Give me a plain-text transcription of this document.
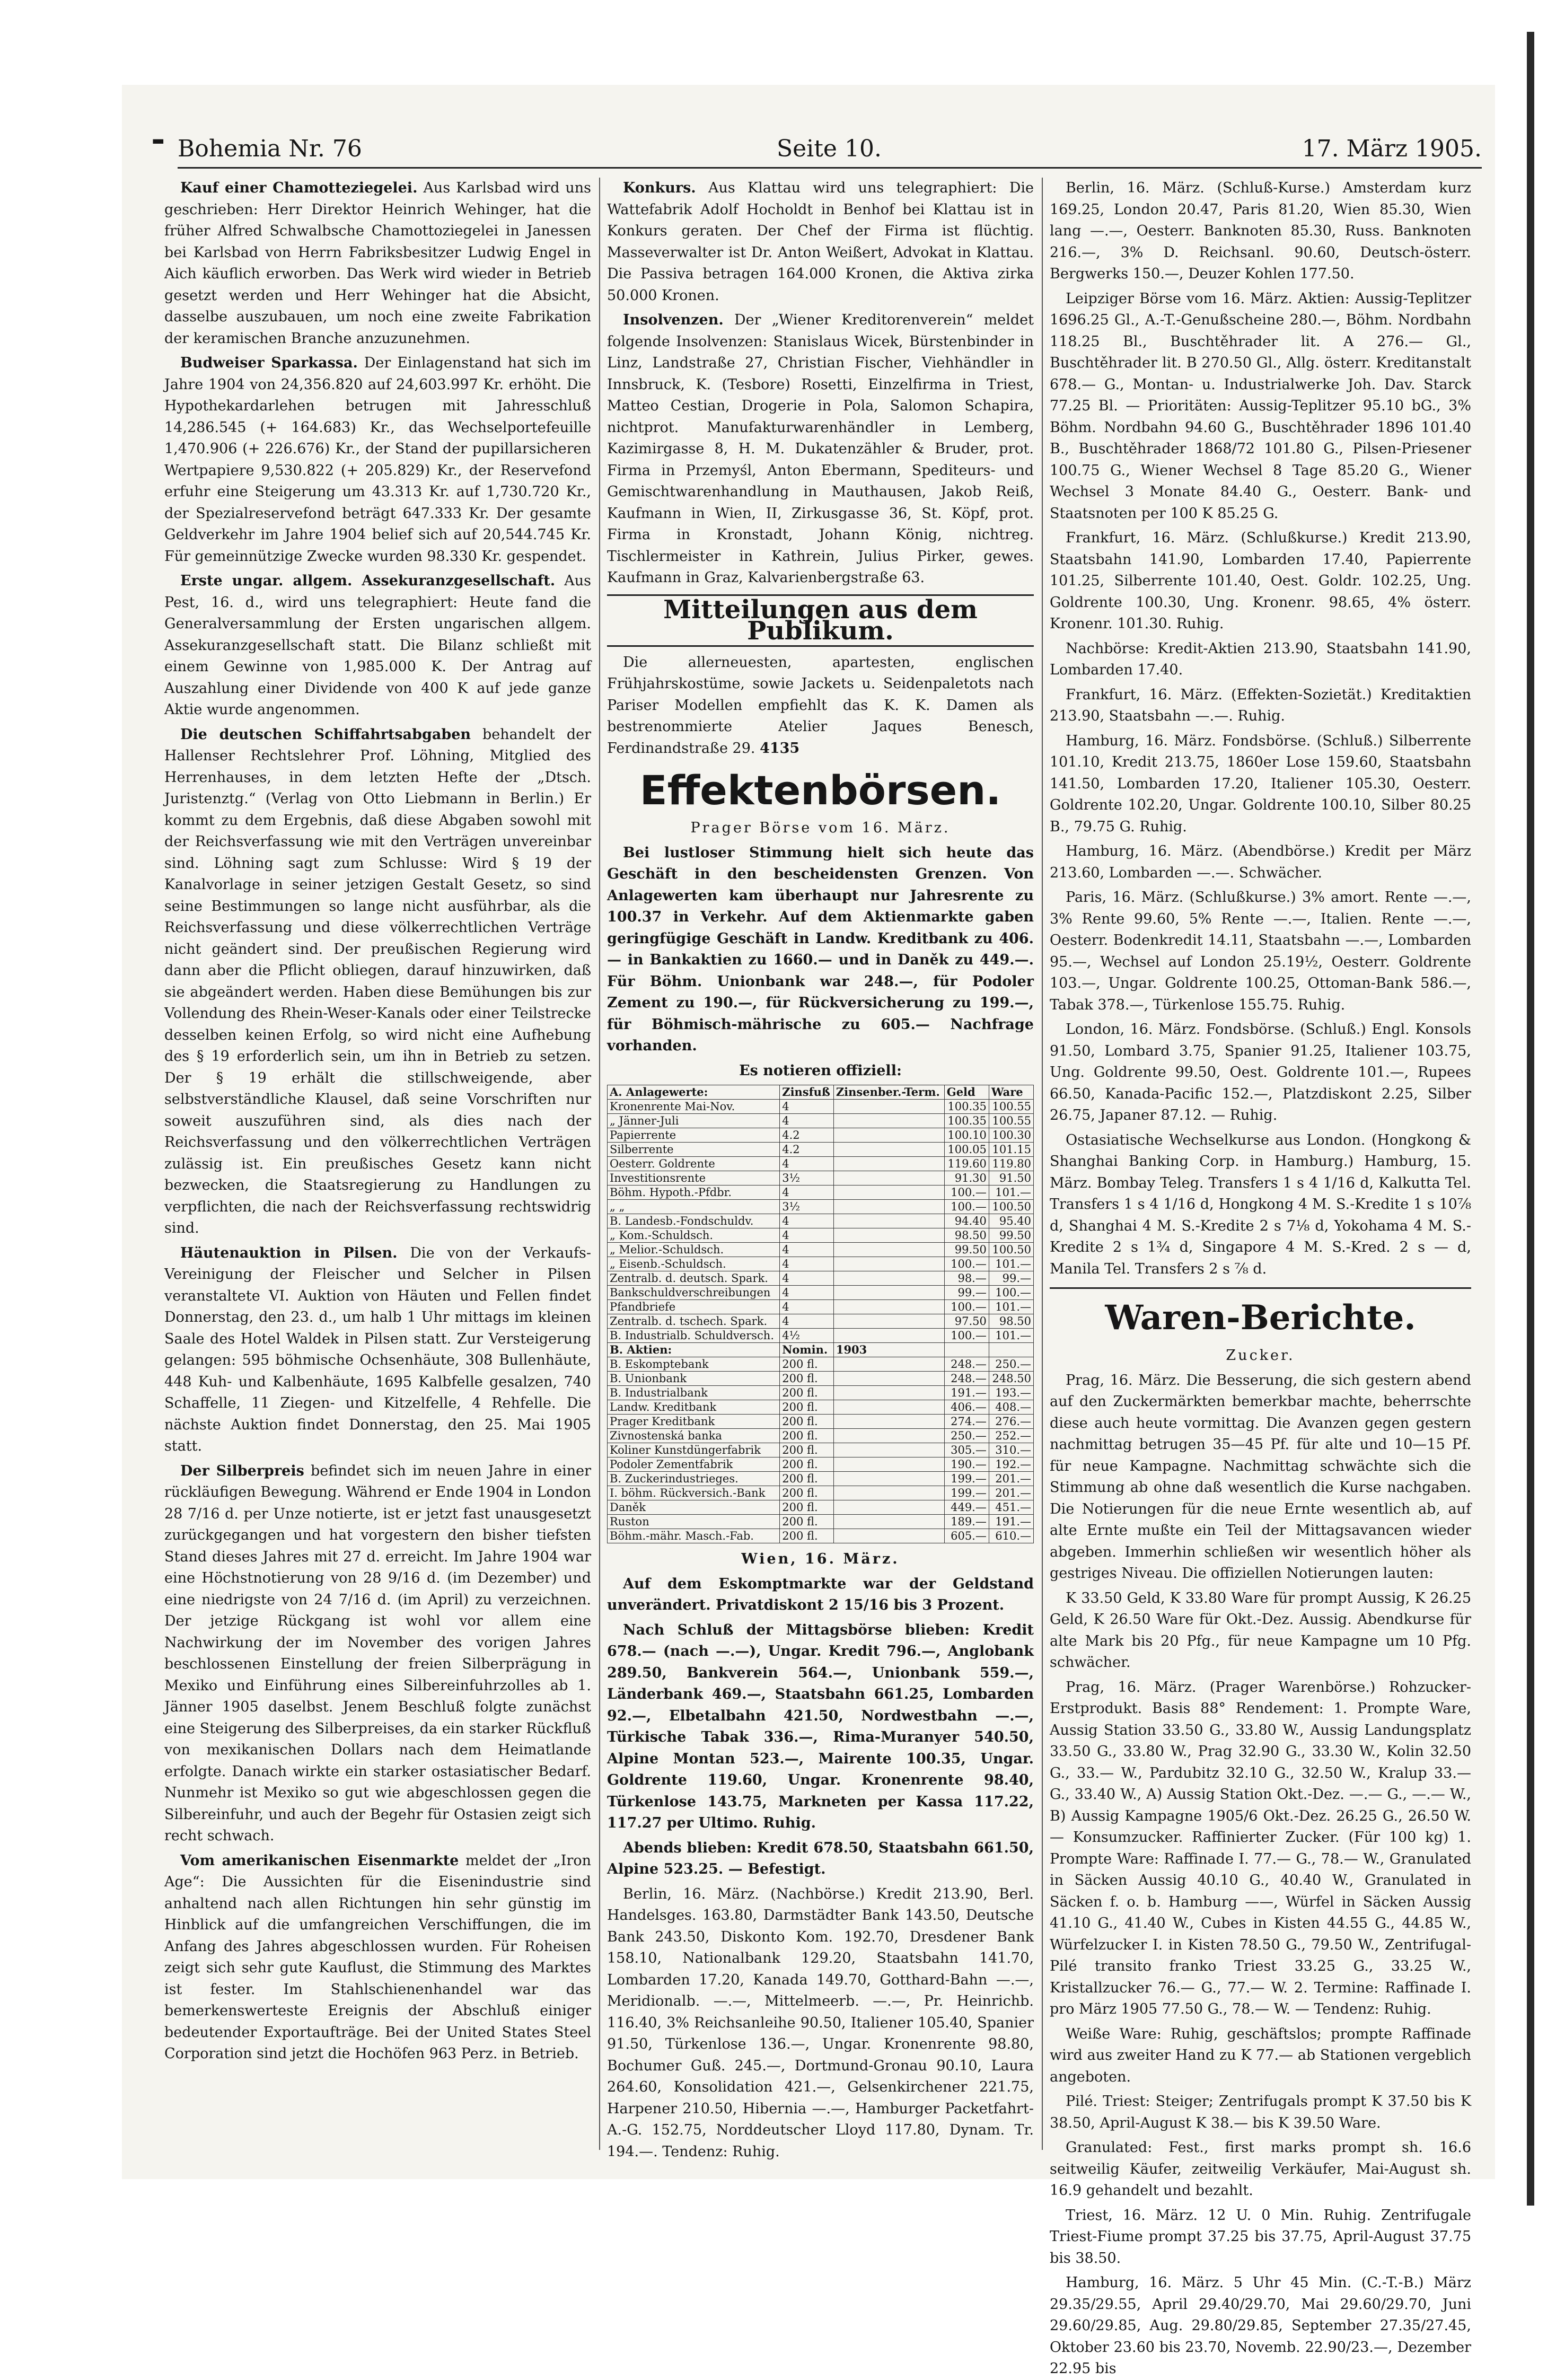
- Bohemia Nr. 76	Seite 10.	17. März 1905.

Kauf einer Chamotteziegelei. Aus Karlsbad wird uns geschrieben: Herr Direktor Heinrich Wehinger, hat die früher Alfred Schwalbsche Chamottoziegelei in Janessen bei Karlsbad von Herrn Fabriksbesitzer Ludwig Engel in Aich käuflich erworben. Das Werk wird wieder in Betrieb gesetzt werden und Herr Wehinger hat die Absicht, dasselbe auszubauen, um noch eine zweite Fabrikation der keramischen Branche anzuzunehmen.

Budweiser Sparkassa. Der Einlagenstand hat sich im Jahre 1904 von 24,356.820 auf 24,603.997 Kr. erhöht. Die Hypothekardarlehen betrugen mit Jahresschluß 14,286.545 (+ 164.683) Kr., das Wechselportefeuille 1,470.906 (+ 226.676) Kr., der Stand der pupillarsicheren Wertpapiere 9,530.822 (+ 205.829) Kr., der Reservefond erfuhr eine Steigerung um 43.313 Kr. auf 1,730.720 Kr., der Spezialreservefond beträgt 647.333 Kr. Der gesamte Geldverkehr im Jahre 1904 belief sich auf 20,544.745 Kr. Für gemeinnützige Zwecke wurden 98.330 Kr. gespendet.

Erste ungar. allgem. Assekuranzgesellschaft. Aus Pest, 16. d., wird uns telegraphiert: Heute fand die Generalversammlung der Ersten ungarischen allgem. Assekuranzgesellschaft statt. Die Bilanz schließt mit einem Gewinne von 1,985.000 K. Der Antrag auf Auszahlung einer Dividende von 400 K auf jede ganze Aktie wurde angenommen.

Die deutschen Schiffahrtsabgaben behandelt der Hallenser Rechtslehrer Prof. Löhning, Mitglied des Herrenhauses, in dem letzten Hefte der „Dtsch. Juristenztg.“ (Verlag von Otto Liebmann in Berlin.) Er kommt zu dem Ergebnis, daß diese Abgaben sowohl mit der Reichsverfassung wie mit den Verträgen unvereinbar sind. Löhning sagt zum Schlusse: Wird § 19 der Kanalvorlage in seiner jetzigen Gestalt Gesetz, so sind seine Bestimmungen so lange nicht ausführbar, als die Reichsverfassung und diese völkerrechtlichen Verträge nicht geändert sind. Der preußischen Regierung wird dann aber die Pflicht obliegen, darauf hinzuwirken, daß sie abgeändert werden. Haben diese Bemühungen bis zur Vollendung des Rhein-Weser-Kanals oder einer Teilstrecke desselben keinen Erfolg, so wird nicht eine Aufhebung des § 19 erforderlich sein, um ihn in Betrieb zu setzen. Der § 19 erhält die stillschweigende, aber selbstverständliche Klausel, daß seine Vorschriften nur soweit auszuführen sind, als dies nach der Reichsverfassung und den völkerrechtlichen Verträgen zulässig ist. Ein preußisches Gesetz kann nicht bezwecken, die Staatsregierung zu Handlungen zu verpflichten, die nach der Reichsverfassung rechtswidrig sind.

Häutenauktion in Pilsen. Die von der Verkaufs-Vereinigung der Fleischer und Selcher in Pilsen veranstaltete VI. Auktion von Häuten und Fellen findet Donnerstag, den 23. d., um halb 1 Uhr mittags im kleinen Saale des Hotel Waldek in Pilsen statt. Zur Versteigerung gelangen: 595 böhmische Ochsenhäute, 308 Bullenhäute, 448 Kuh- und Kalbenhäute, 1695 Kalbfelle gesalzen, 740 Schaffelle, 11 Ziegen- und Kitzelfelle, 4 Rehfelle. Die nächste Auktion findet Donnerstag, den 25. Mai 1905 statt.

Der Silberpreis befindet sich im neuen Jahre in einer rückläufigen Bewegung. Während er Ende 1904 in London 28 7/16 d. per Unze notierte, ist er jetzt fast unausgesetzt zurückgegangen und hat vorgestern den bisher tiefsten Stand dieses Jahres mit 27 d. erreicht. Im Jahre 1904 war eine Höchstnotierung von 28 9/16 d. (im Dezember) und eine niedrigste von 24 7/16 d. (im April) zu verzeichnen. Der jetzige Rückgang ist wohl vor allem eine Nachwirkung der im November des vorigen Jahres beschlossenen Einstellung der freien Silberprägung in Mexiko und Einführung eines Silbereinfuhrzolles ab 1. Jänner 1905 daselbst. Jenem Beschluß folgte zunächst eine Steigerung des Silberpreises, da ein starker Rückfluß von mexikanischen Dollars nach dem Heimatlande erfolgte. Danach wirkte ein starker ostasiatischer Bedarf. Nunmehr ist Mexiko so gut wie abgeschlossen gegen die Silbereinfuhr, und auch der Begehr für Ostasien zeigt sich recht schwach.

Vom amerikanischen Eisenmarkte meldet der „Iron Age“: Die Aussichten für die Eisenindustrie sind anhaltend nach allen Richtungen hin sehr günstig im Hinblick auf die umfangreichen Verschiffungen, die im Anfang des Jahres abgeschlossen wurden. Für Roheisen zeigt sich sehr gute Kauflust, die Stimmung des Marktes ist fester. Im Stahlschienenhandel war das bemerkenswerteste Ereignis der Abschluß einiger bedeutender Exportaufträge. Bei der United States Steel Corporation sind jetzt die Hochöfen 963 Perz. in Betrieb.

Konkurs. Aus Klattau wird uns telegraphiert: Die Wattefabrik Adolf Hocholdt in Benhof bei Klattau ist in Konkurs geraten. Der Chef der Firma ist flüchtig. Masseverwalter ist Dr. Anton Weißert, Advokat in Klattau. Die Passiva betragen 164.000 Kronen, die Aktiva zirka 50.000 Kronen.

Insolvenzen. Der „Wiener Kreditorenverein“ meldet folgende Insolvenzen: Stanislaus Wicek, Bürstenbinder in Linz, Landstraße 27, Christian Fischer, Viehhändler in Innsbruck, K. (Tesbore) Rosetti, Einzelfirma in Triest, Matteo Cestian, Drogerie in Pola, Salomon Schapira, nichtprot. Manufakturwarenhändler in Lemberg, Kazimirgasse 8, H. M. Dukatenzähler & Bruder, prot. Firma in Przemyśl, Anton Ebermann, Spediteurs- und Gemischtwarenhandlung in Mauthausen, Jakob Reiß, Kaufmann in Wien, II, Zirkusgasse 36, St. Köpf, prot. Firma in Kronstadt, Johann König, nichtreg. Tischlermeister in Kathrein, Julius Pirker, gewes. Kaufmann in Graz, Kalvarienbergstraße 63.

Mitteilungen aus dem Publikum.

Die allerneuesten, apartesten, englischen Frühjahrskostüme, sowie Jackets u. Seidenpaletots nach Pariser Modellen empfiehlt das K. K. Damen als bestrenommierte Atelier Jaques Benesch, Ferdinandstraße 29. 4135

Effektenbörsen.
Prager Börse vom 16. März.

Bei lustloser Stimmung hielt sich heute das Geschäft in den bescheidensten Grenzen. Von Anlagewerten kam überhaupt nur Jahresrente zu 100.37 in Verkehr. Auf dem Aktienmarkte gaben geringfügige Geschäft in Landw. Kreditbank zu 406.— in Bankaktien zu 1660.— und in Daněk zu 449.—. Für Böhm. Unionbank war 248.—, für Podoler Zement zu 190.—, für Rückversicherung zu 199.—, für Böhmisch-mährische zu 605.— Nachfrage vorhanden.

Es notieren offiziell:

A. Anlagewerte:	Zinsfuß	Zinsenber.-Term.	Geld	Ware
Kronenrente Mai-Nov.	4		100.35	100.55
„ Jänner-Juli	4		100.35	100.55
Papierrente	4.2		100.10	100.30
Silberrente	4.2		100.05	101.15
Oesterr. Goldrente	4		119.60	119.80
Investitionsrente	3½		91.30	91.50
Böhm. Hypoth.-Pfdbr.	4		100.—	101.—
„ „	3½		100.—	100.50
B. Landesb.-Fondschuldv.	4		94.40	95.40
„ Kom.-Schuldsch.	4		98.50	99.50
„ Melior.-Schuldsch.	4		99.50	100.50
„ Eisenb.-Schuldsch.	4		100.—	101.—
Zentralb. d. deutsch. Spark.	4		98.—	99.—
Bankschuldverschreibungen	4		99.—	100.—
Pfandbriefe	4		100.—	101.—
Zentralb. d. tschech. Spark.	4		97.50	98.50
B. Industrialb. Schuldversch.	4½		100.—	101.—
B. Aktien:	Nomin.	1903		
B. Eskomptebank	200 fl.		248.—	250.—
B. Unionbank	200 fl.		248.—	248.50
B. Industrialbank	200 fl.		191.—	193.—
Landw. Kreditbank	200 fl.		406.—	408.—
Prager Kreditbank	200 fl.		274.—	276.—
Zivnostenská banka	200 fl.		250.—	252.—
Koliner Kunstdüngerfabrik	200 fl.		305.—	310.—
Podoler Zementfabrik	200 fl.		190.—	192.—
B. Zuckerindustrieges.	200 fl.		199.—	201.—
I. böhm. Rückversich.-Bank	200 fl.		199.—	201.—
Daněk	200 fl.		449.—	451.—
Ruston	200 fl.		189.—	191.—
Böhm.-mähr. Masch.-Fab.	200 fl.		605.—	610.—
Wien, 16. März.

Auf dem Eskomptmarkte war der Geldstand unverändert. Privatdiskont 2 15/16 bis 3 Prozent.

Nach Schluß der Mittagsbörse blieben: Kredit 678.— (nach —.—), Ungar. Kredit 796.—, Anglobank 289.50, Bankverein 564.—, Unionbank 559.—, Länderbank 469.—, Staatsbahn 661.25, Lombarden 92.—, Elbetalbahn 421.50, Nordwestbahn —.—, Türkische Tabak 336.—, Rima-Muranyer 540.50, Alpine Montan 523.—, Mairente 100.35, Ungar. Goldrente 119.60, Ungar. Kronenrente 98.40, Türkenlose 143.75, Markneten per Kassa 117.22, 117.27 per Ultimo. Ruhig.

Abends blieben: Kredit 678.50, Staatsbahn 661.50, Alpine 523.25. — Befestigt.

Berlin, 16. März. (Nachbörse.) Kredit 213.90, Berl. Handelsges. 163.80, Darmstädter Bank 143.50, Deutsche Bank 243.50, Diskonto Kom. 192.70, Dresdener Bank 158.10, Nationalbank 129.20, Staatsbahn 141.70, Lombarden 17.20, Kanada 149.70, Gotthard-Bahn —.—, Meridionalb. —.—, Mittelmeerb. —.—, Pr. Heinrichb. 116.40, 3% Reichsanleihe 90.50, Italiener 105.40, Spanier 91.50, Türkenlose 136.—, Ungar. Kronenrente 98.80, Bochumer Guß. 245.—, Dortmund-Gronau 90.10, Laura 264.60, Konsolidation 421.—, Gelsenkirchener 221.75, Harpener 210.50, Hibernia —.—, Hamburger Packetfahrt-A.-G. 152.75, Norddeutscher Lloyd 117.80, Dynam. Tr. 194.—. Tendenz: Ruhig.

Berlin, 16. März. (Schluß-Kurse.) Amsterdam kurz 169.25, London 20.47, Paris 81.20, Wien 85.30, Wien lang —.—, Oesterr. Banknoten 85.30, Russ. Banknoten 216.—, 3% D. Reichsanl. 90.60, Deutsch-österr. Bergwerks 150.—, Deuzer Kohlen 177.50.

Leipziger Börse vom 16. März. Aktien: Aussig-Teplitzer 1696.25 Gl., A.-T.-Genußscheine 280.—, Böhm. Nordbahn 118.25 Bl., Buschtěhrader lit. A 276.— Gl., Buschtěhrader lit. B 270.50 Gl., Allg. österr. Kreditanstalt 678.— G., Montan- u. Industrialwerke Joh. Dav. Starck 77.25 Bl. — Prioritäten: Aussig-Teplitzer 95.10 bG., 3% Böhm. Nordbahn 94.60 G., Buschtěhrader 1896 101.40 B., Buschtěhrader 1868/72 101.80 G., Pilsen-Priesener 100.75 G., Wiener Wechsel 8 Tage 85.20 G., Wiener Wechsel 3 Monate 84.40 G., Oesterr. Bank- und Staatsnoten per 100 K 85.25 G.

Frankfurt, 16. März. (Schlußkurse.) Kredit 213.90, Staatsbahn 141.90, Lombarden 17.40, Papierrente 101.25, Silberrente 101.40, Oest. Goldr. 102.25, Ung. Goldrente 100.30, Ung. Kronenr. 98.65, 4% österr. Kronenr. 101.30. Ruhig.

Nachbörse: Kredit-Aktien 213.90, Staatsbahn 141.90, Lombarden 17.40.

Frankfurt, 16. März. (Effekten-Sozietät.) Kreditaktien 213.90, Staatsbahn —.—. Ruhig.

Hamburg, 16. März. Fondsbörse. (Schluß.) Silberrente 101.10, Kredit 213.75, 1860er Lose 159.60, Staatsbahn 141.50, Lombarden 17.20, Italiener 105.30, Oesterr. Goldrente 102.20, Ungar. Goldrente 100.10, Silber 80.25 B., 79.75 G. Ruhig.

Hamburg, 16. März. (Abendbörse.) Kredit per März 213.60, Lombarden —.—. Schwächer.

Paris, 16. März. (Schlußkurse.) 3% amort. Rente —.—, 3% Rente 99.60, 5% Rente —.—, Italien. Rente —.—, Oesterr. Bodenkredit 14.11, Staatsbahn —.—, Lombarden 95.—, Wechsel auf London 25.19½, Oesterr. Goldrente 103.—, Ungar. Goldrente 100.25, Ottoman-Bank 586.—, Tabak 378.—, Türkenlose 155.75. Ruhig.

London, 16. März. Fondsbörse. (Schluß.) Engl. Konsols 91.50, Lombard 3.75, Spanier 91.25, Italiener 103.75, Ung. Goldrente 99.50, Oest. Goldrente 101.—, Rupees 66.50, Kanada-Pacific 152.—, Platzdiskont 2.25, Silber 26.75, Japaner 87.12. — Ruhig.

Ostasiatische Wechselkurse aus London. (Hongkong & Shanghai Banking Corp. in Hamburg.) Hamburg, 15. März. Bombay Teleg. Transfers 1 s 4 1/16 d, Kalkutta Tel. Transfers 1 s 4 1/16 d, Hongkong 4 M. S.-Kredite 1 s 10⅞ d, Shanghai 4 M. S.-Kredite 2 s 7⅛ d, Yokohama 4 M. S.-Kredite 2 s 1¾ d, Singapore 4 M. S.-Kred. 2 s — d, Manila Tel. Transfers 2 s ⅞ d.

Waren-Berichte.
Zucker.

Prag, 16. März. Die Besserung, die sich gestern abend auf den Zuckermärkten bemerkbar machte, beherrschte diese auch heute vormittag. Die Avanzen gegen gestern nachmittag betrugen 35—45 Pf. für alte und 10—15 Pf. für neue Kampagne. Nachmittag schwächte sich die Stimmung ab ohne daß wesentlich die Kurse nachgaben. Die Notierungen für die neue Ernte wesentlich ab, auf alte Ernte mußte ein Teil der Mittagsavancen wieder abgeben. Immerhin schließen wir wesentlich höher als gestriges Niveau. Die offiziellen Notierungen lauten:

K 33.50 Geld, K 33.80 Ware für prompt Aussig, K 26.25 Geld, K 26.50 Ware für Okt.-Dez. Aussig. Abendkurse für alte Mark bis 20 Pfg., für neue Kampagne um 10 Pfg. schwächer.

Prag, 16. März. (Prager Warenbörse.) Rohzucker-Erstprodukt. Basis 88° Rendement: 1. Prompte Ware, Aussig Station 33.50 G., 33.80 W., Aussig Landungsplatz 33.50 G., 33.80 W., Prag 32.90 G., 33.30 W., Kolin 32.50 G., 33.— W., Pardubitz 32.10 G., 32.50 W., Kralup 33.— G., 33.40 W., A) Aussig Station Okt.-Dez. —.— G., —.— W., B) Aussig Kampagne 1905/6 Okt.-Dez. 26.25 G., 26.50 W. — Konsumzucker. Raffinierter Zucker. (Für 100 kg) 1. Prompte Ware: Raffinade I. 77.— G., 78.— W., Granulated in Säcken Aussig 40.10 G., 40.40 W., Granulated in Säcken f. o. b. Hamburg ——, Würfel in Säcken Aussig 41.10 G., 41.40 W., Cubes in Kisten 44.55 G., 44.85 W., Würfelzucker I. in Kisten 78.50 G., 79.50 W., Zentrifugal-Pilé transito franko Triest 33.25 G., 33.25 W., Kristallzucker 76.— G., 77.— W. 2. Termine: Raffinade I. pro März 1905 77.50 G., 78.— W. — Tendenz: Ruhig.

Weiße Ware: Ruhig, geschäftslos; prompte Raffinade wird aus zweiter Hand zu K 77.— ab Stationen vergeblich angeboten.

Pilé. Triest: Steiger; Zentrifugals prompt K 37.50 bis K 38.50, April-August K 38.— bis K 39.50 Ware.

Granulated: Fest., first marks prompt sh. 16.6 seitweilig Käufer, zeitweilig Verkäufer, Mai-August sh. 16.9 gehandelt und bezahlt.

Triest, 16. März. 12 U. 0 Min. Ruhig. Zentrifugale Triest-Fiume prompt 37.25 bis 37.75, April-August 37.75 bis 38.50.

Hamburg, 16. März. 5 Uhr 45 Min. (C.-T.-B.) März 29.35/29.55, April 29.40/29.70, Mai 29.60/29.70, Juni 29.60/29.85, Aug. 29.80/29.85, September 27.35/27.45, Oktober 23.60 bis 23.70, Novemb. 22.90/23.—, Dezember 22.95 bis
